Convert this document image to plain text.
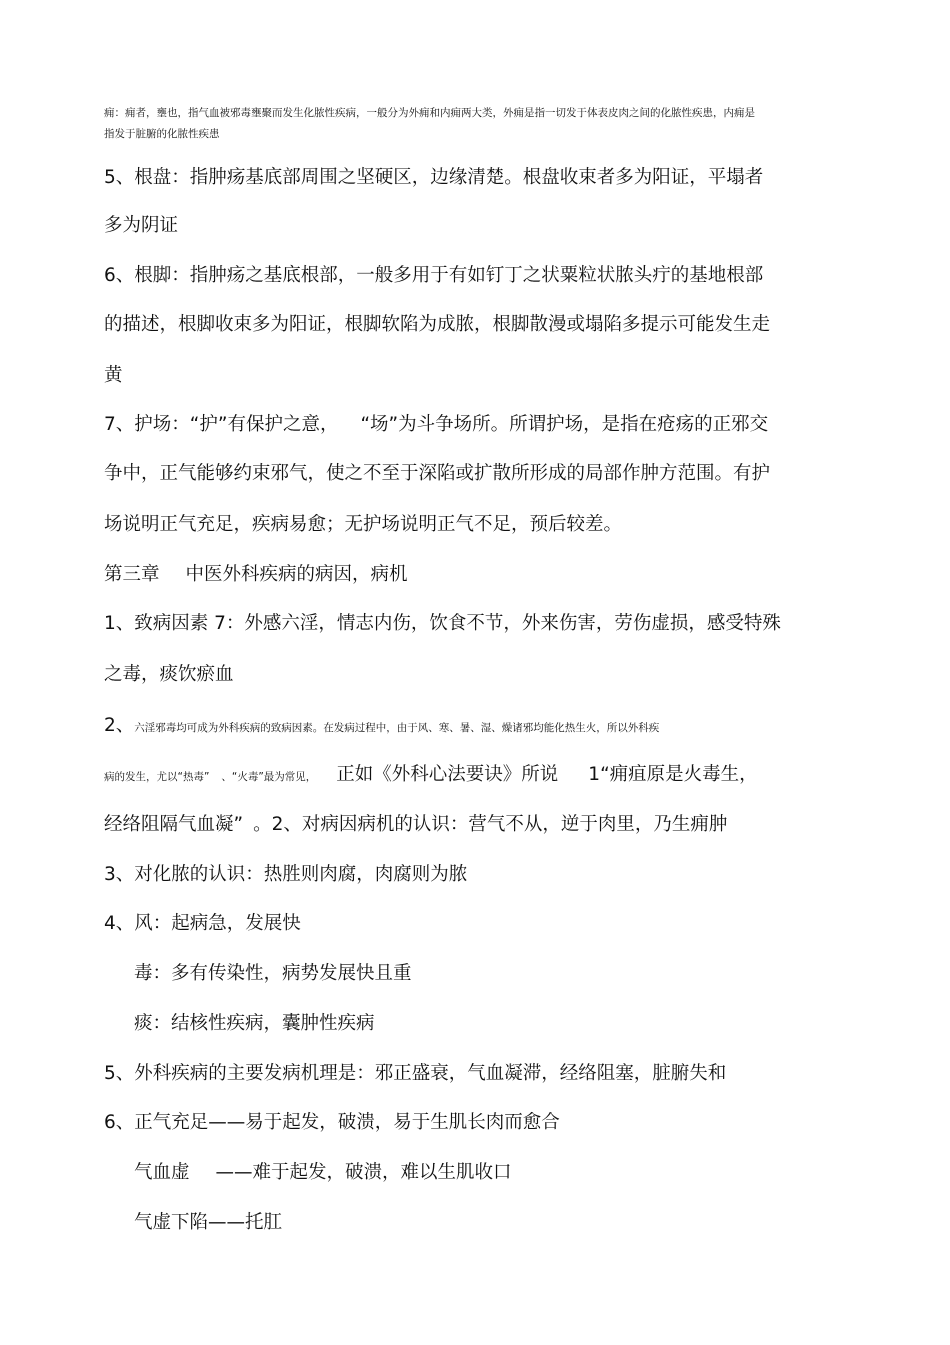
痈：痈者，壅也，指气血被邪毒壅聚而发生化脓性疾病，一般分为外痈和内痈两大类，外痈是指一切发于体表皮肉之间的化脓性疾患，内痈是
指发于脏腑的化脓性疾患
5、根盘：指肿疡基底部周围之坚硬区，边缘清楚。根盘收束者多为阳证，平塌者
多为阴证
6、根脚：指肿疡之基底根部，一般多用于有如钉丁之状粟粒状脓头疔的基地根部
的描述，根脚收束多为阳证，根脚软陷为成脓，根脚散漫或塌陷多提示可能发生走
黄
7、护场：“护”有保护之意， “场”为斗争场所。所谓护场，是指在疮疡的正邪交
争中，正气能够约束邪气，使之不至于深陷或扩散所形成的局部作肿方范围。有护
场说明正气充足，疾病易愈；无护场说明正气不足，预后较差。
第三章 中医外科疾病的病因，病机
1、致病因素 7：外感六淫，情志内伤，饮食不节，外来伤害，劳伤虚损，感受特殊
之毒，痰饮瘀血
2、六淫邪毒均可成为外科疾病的致病因素。在发病过程中，由于风、寒、暑、湿、燥诸邪均能化热生火，所以外科疾
病的发生，尤以“热毒” 、“火毒”最为常见， 正如《外科心法要诀》所说 1“痈疽原是火毒生，
经络阻隔气血凝” 。2、对病因病机的认识：营气不从，逆于肉里，乃生痈肿
3、对化脓的认识：热胜则肉腐，肉腐则为脓
4、风：起病急，发展快
毒：多有传染性，病势发展快且重
痰：结核性疾病，囊肿性疾病
5、外科疾病的主要发病机理是：邪正盛衰，气血凝滞，经络阻塞，脏腑失和
6、正气充足——易于起发，破溃，易于生肌长肉而愈合
气血虚 ——难于起发，破溃，难以生肌收口
气虚下陷——托肛
